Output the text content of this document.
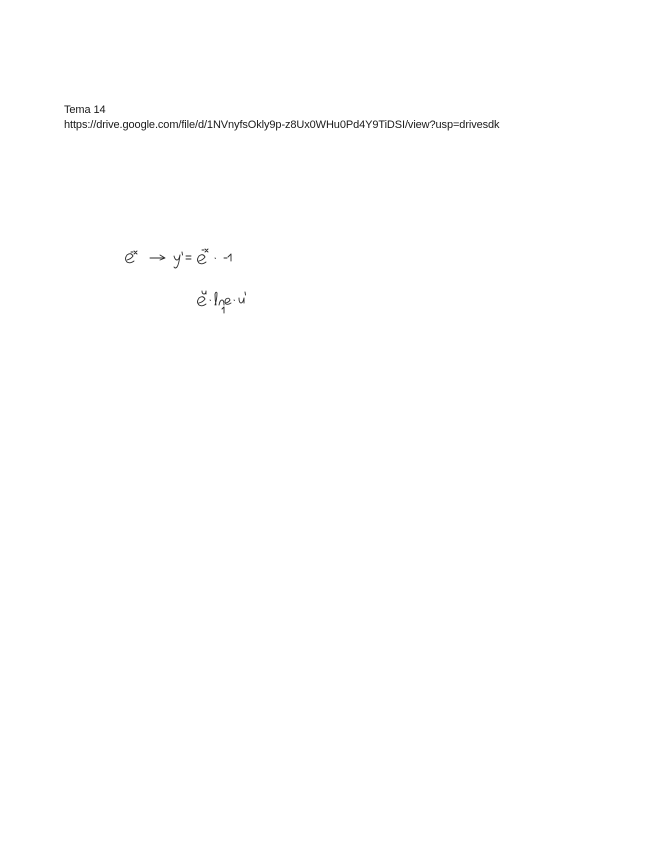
Tema 14
https://drive.google.com/file/d/1NVnyfsOkly9p-z8Ux0WHu0Pd4Y9TiDSI/view?usp=drivesdk
